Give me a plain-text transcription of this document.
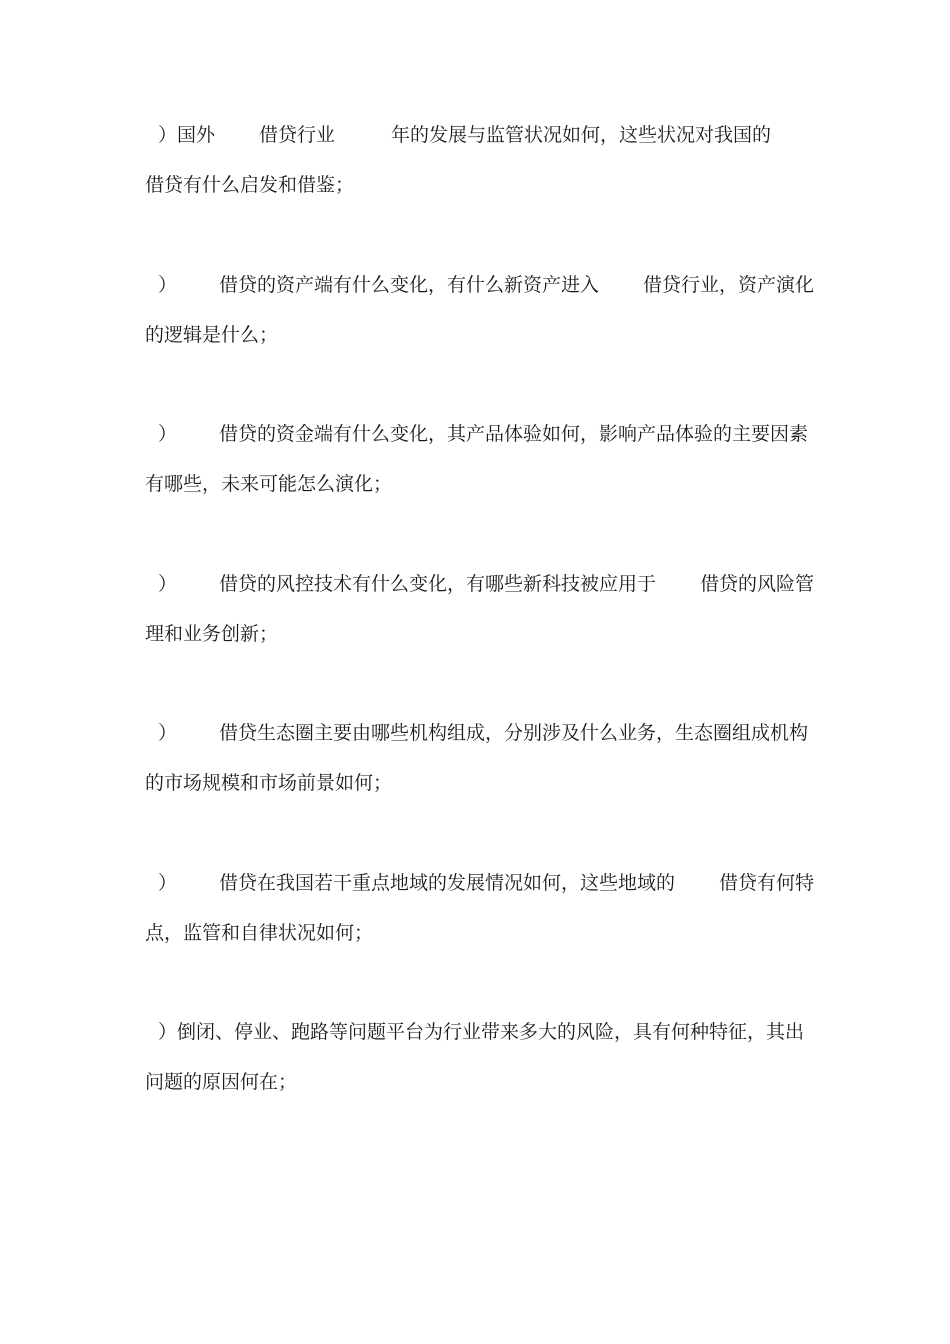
）国外 借贷行业	年的发展与监管状况如何，这些状况对我国的
借贷有什么启发和借鉴；
） 借贷的资产端有什么变化，有什么新资产进入 借贷行业，资产演化
的逻辑是什么；
） 借贷的资金端有什么变化，其产品体验如何，影响产品体验的主要因素
有哪些，未来可能怎么演化；
） 借贷的风控技术有什么变化，有哪些新科技被应用于 借贷的风险管
理和业务创新；
） 借贷生态圈主要由哪些机构组成，分别涉及什么业务，生态圈组成机构
的市场规模和市场前景如何；
） 借贷在我国若干重点地域的发展情况如何，这些地域的 借贷有何特
点，监管和自律状况如何；
）倒闭、停业、跑路等问题平台为行业带来多大的风险，具有何种特征，其出
问题的原因何在；
